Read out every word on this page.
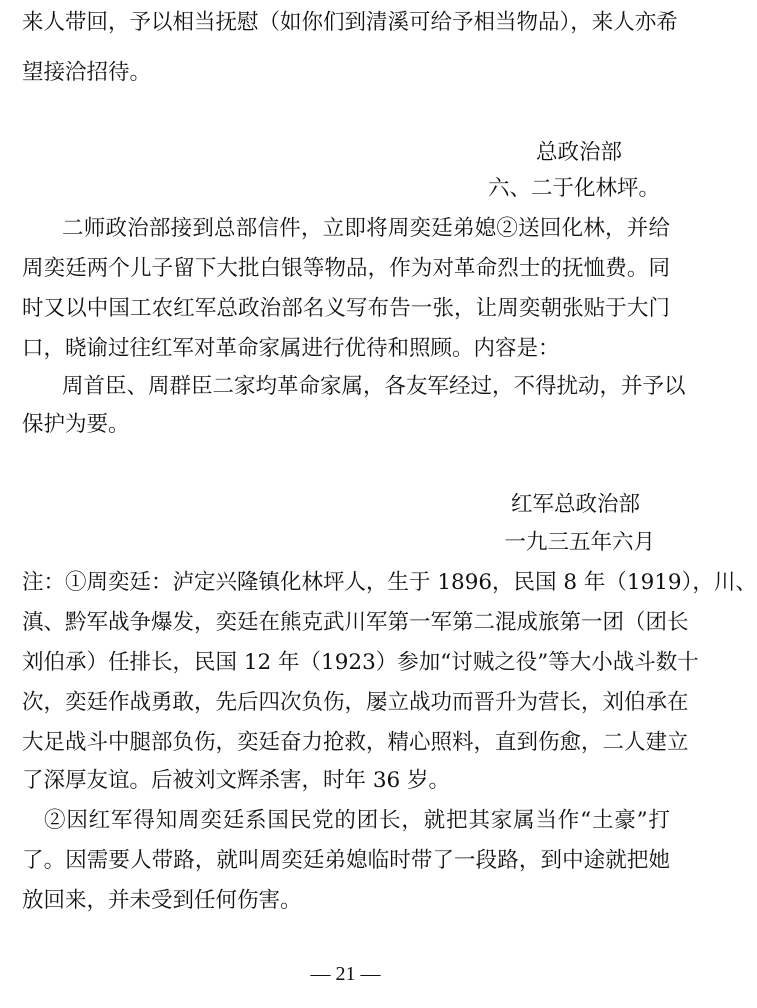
来人带回，予以相当抚慰（如你们到清溪可给予相当物品），来人亦希
望接洽招待。
总政治部
六、二于化林坪。
二师政治部接到总部信件，立即将周奕廷弟媳②送回化林，并给
周奕廷两个儿子留下大批白银等物品，作为对革命烈士的抚恤费。同
时又以中国工农红军总政治部名义写布告一张，让周奕朝张贴于大门
口，晓谕过往红军对革命家属进行优待和照顾。内容是：
周首臣、周群臣二家均革命家属，各友军经过，不得扰动，并予以
保护为要。
红军总政治部
一九三五年六月
注：①周奕廷：泸定兴隆镇化林坪人，生于 1896，民国 8 年（1919），川、
滇、黔军战争爆发，奕廷在熊克武川军第一军第二混成旅第一团（团长
刘伯承）任排长，民国 12 年（1923）参加“讨贼之役”等大小战斗数十
次，奕廷作战勇敢，先后四次负伤，屡立战功而晋升为营长，刘伯承在
大足战斗中腿部负伤，奕廷奋力抢救，精心照料，直到伤愈，二人建立
了深厚友谊。后被刘文辉杀害，时年 36 岁。
②因红军得知周奕廷系国民党的团长，就把其家属当作“土豪”打
了。因需要人带路，就叫周奕廷弟媳临时带了一段路，到中途就把她
放回来，并未受到任何伤害。
— 21 —
